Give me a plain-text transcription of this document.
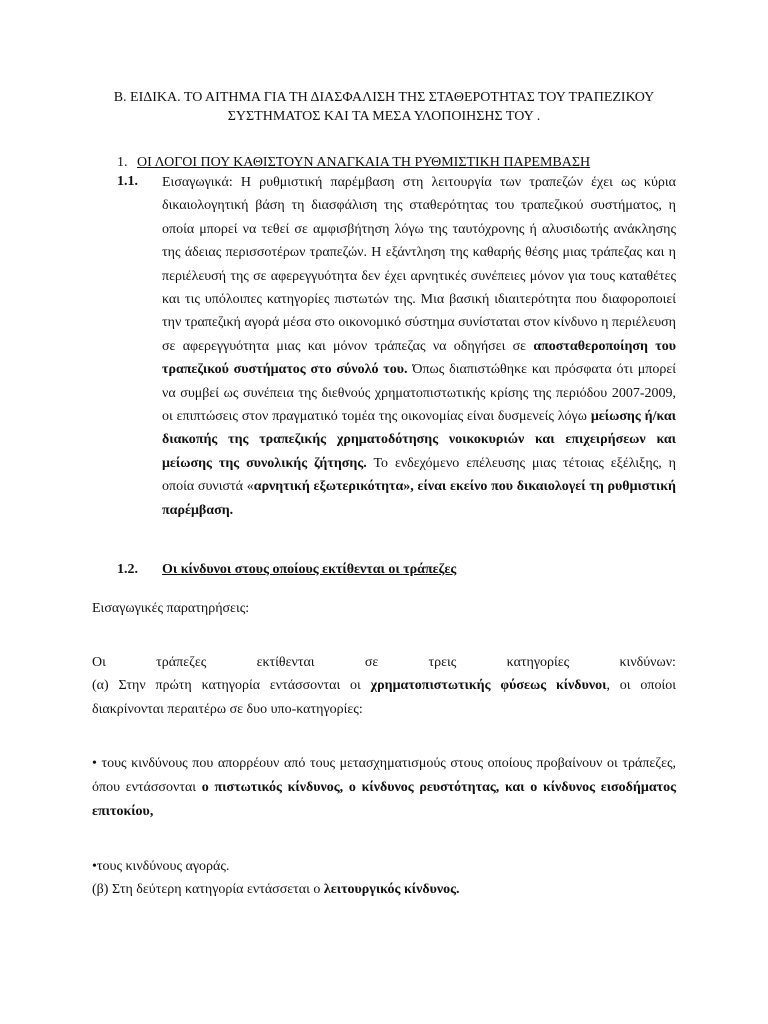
Β. ΕΙΔΙΚΑ. ΤΟ ΑΙΤΗΜΑ ΓΙΑ ΤΗ ΔΙΑΣΦΑΛΙΣΗ ΤΗΣ ΣΤΑΘΕΡΟΤΗΤΑΣ ΤΟΥ ΤΡΑΠΕΖΙΚΟΥ
ΣΥΣΤΗΜΑΤΟΣ ΚΑΙ ΤΑ ΜΕΣΑ ΥΛΟΠΟΙΗΣΗΣ ΤΟΥ .
1. ΟΙ ΛΟΓΟΙ ΠΟΥ ΚΑΘΙΣΤΟΥΝ ΑΝΑΓΚΑΙΑ ΤΗ ΡΥΘΜΙΣΤΙΚΗ ΠΑΡΕΜΒΑΣΗ
1.1. Εισαγωγικά: Η ρυθμιστική παρέμβαση στη λειτουργία των τραπεζών έχει ως κύρια δικαιολογητική βάση τη διασφάλιση της σταθερότητας του τραπεζικού συστήματος, η οποία μπορεί να τεθεί σε αμφισβήτηση λόγω της ταυτόχρονης ή αλυσιδωτής ανάκλησης της άδειας περισσοτέρων τραπεζών. Η εξάντληση της καθαρής θέσης μιας τράπεζας και η περιέλευσή της σε αφερεγγυότητα δεν έχει αρνητικές συνέπειες μόνον για τους καταθέτες και τις υπόλοιπες κατηγορίες πιστωτών της. Μια βασική ιδιαιτερότητα που διαφοροποιεί την τραπεζική αγορά μέσα στο οικονομικό σύστημα συνίσταται στον κίνδυνο η περιέλευση σε αφερεγγυότητα μιας και μόνον τράπεζας να οδηγήσει σε αποσταθεροποίηση του τραπεζικού συστήματος στο σύνολό του. Όπως διαπιστώθηκε και πρόσφατα ότι μπορεί να συμβεί ως συνέπεια της διεθνούς χρηματοπιστωτικής κρίσης της περιόδου 2007-2009, οι επιπτώσεις στον πραγματικό τομέα της οικονομίας είναι δυσμενείς λόγω μείωσης ή/και διακοπής της τραπεζικής χρηματοδότησης νοικοκυριών και επιχειρήσεων και μείωσης της συνολικής ζήτησης. Το ενδεχόμενο επέλευσης μιας τέτοιας εξέλιξης, η οποία συνιστά «αρνητική εξωτερικότητα», είναι εκείνο που δικαιολογεί τη ρυθμιστική παρέμβαση.
1.2. Οι κίνδυνοι στους οποίους εκτίθενται οι τράπεζες
Εισαγωγικές παρατηρήσεις:
Οι	τράπεζες	εκτίθενται	σε	τρεις	κατηγορίες	κινδύνων:
(α) Στην πρώτη κατηγορία εντάσσονται οι χρηματοπιστωτικής φύσεως κίνδυνοι, οι οποίοι διακρίνονται περαιτέρω σε δυο υπο-κατηγορίες:
• τους κινδύνους που απορρέουν από τους μετασχηματισμούς στους οποίους προβαίνουν οι τράπεζες, όπου εντάσσονται ο πιστωτικός κίνδυνος, ο κίνδυνος ρευστότητας, και ο κίνδυνος εισοδήματος επιτοκίου,
•τους κινδύνους αγοράς.
(β) Στη δεύτερη κατηγορία εντάσσεται ο λειτουργικός κίνδυνος.
